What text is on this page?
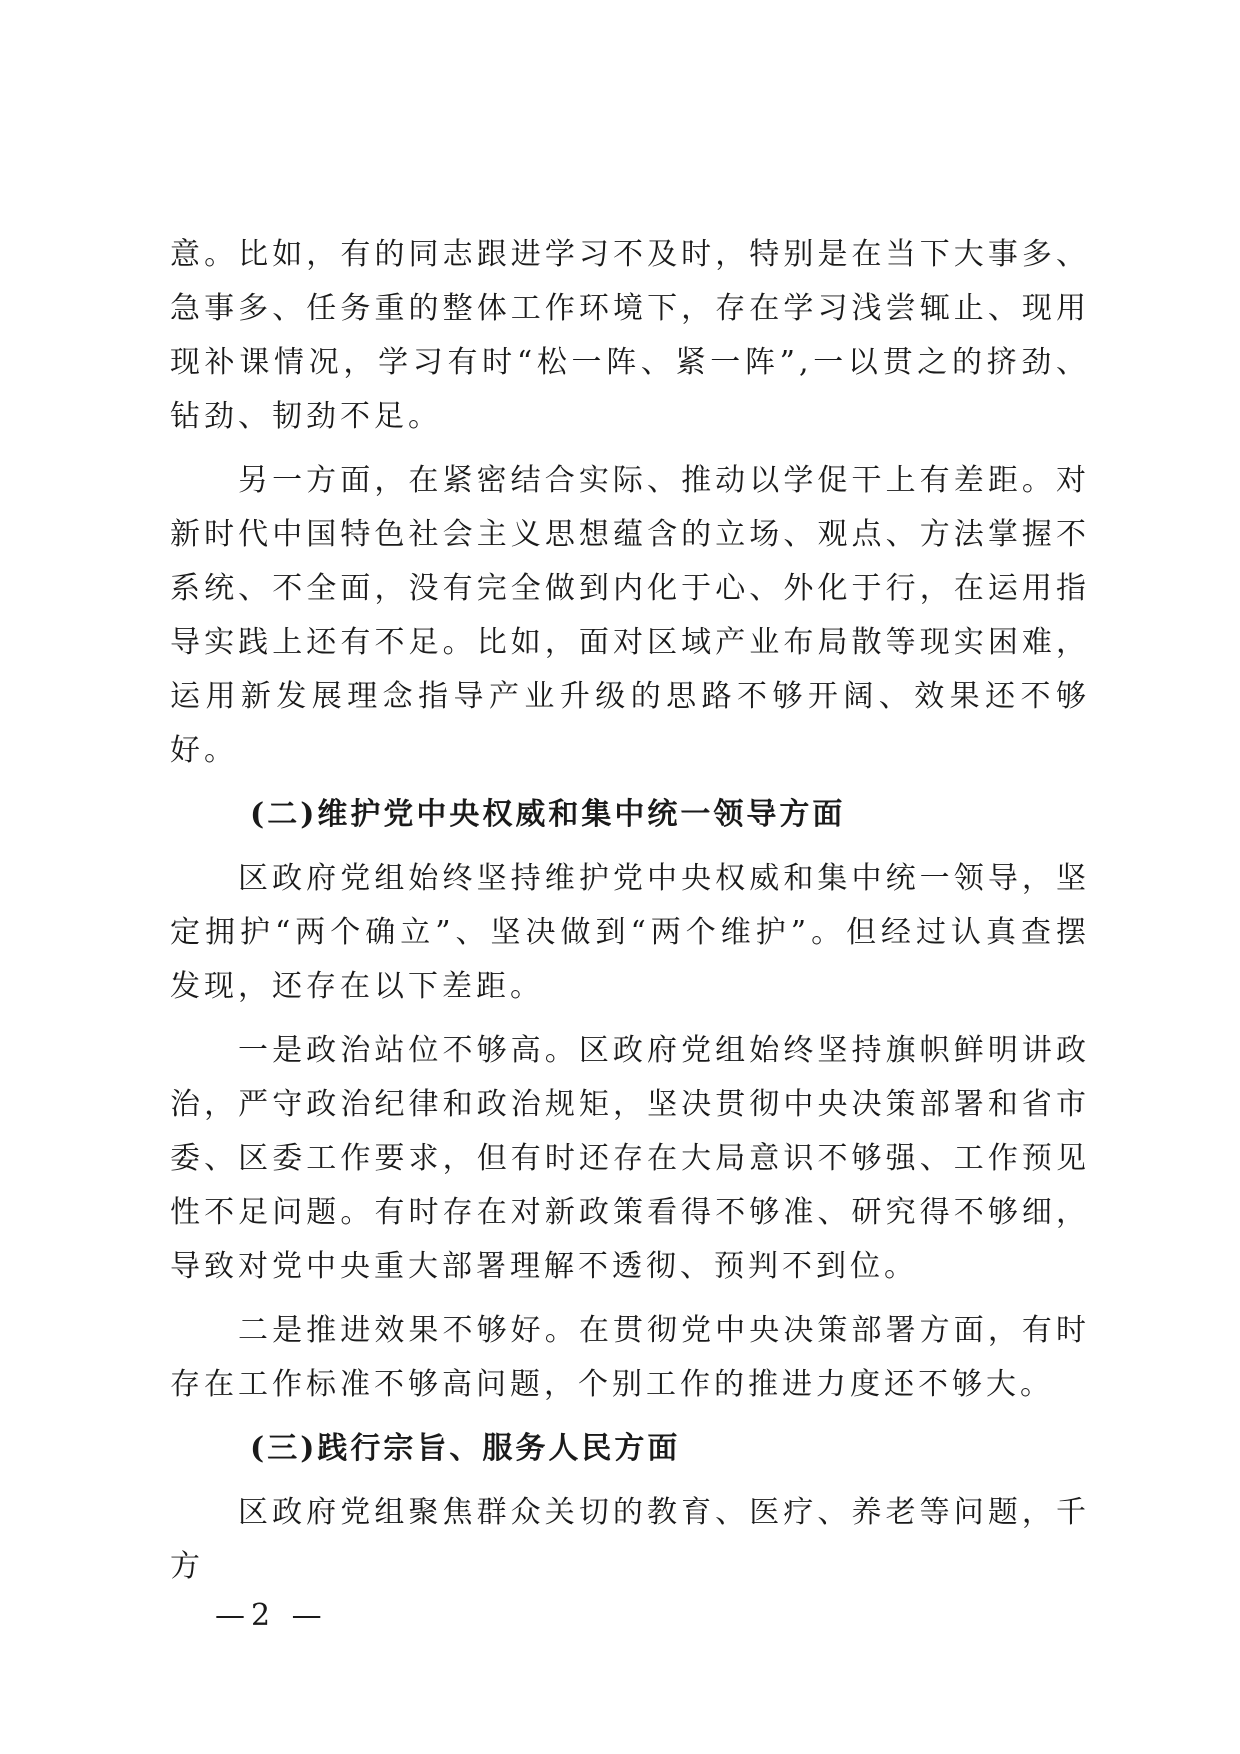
意。比如，有的同志跟进学习不及时，特别是在当下大事多、急事多、任务重的整体工作环境下，存在学习浅尝辄止、现用现补课情况，学习有时“松一阵、紧一阵”,一以贯之的挤劲、钻劲、韧劲不足。

另一方面，在紧密结合实际、推动以学促干上有差距。对新时代中国特色社会主义思想蕴含的立场、观点、方法掌握不系统、不全面，没有完全做到内化于心、外化于行，在运用指导实践上还有不足。比如，面对区域产业布局散等现实困难，运用新发展理念指导产业升级的思路不够开阔、效果还不够好。

(二)维护党中央权威和集中统一领导方面

区政府党组始终坚持维护党中央权威和集中统一领导，坚定拥护“两个确立”、坚决做到“两个维护”。但经过认真查摆发现，还存在以下差距。

一是政治站位不够高。区政府党组始终坚持旗帜鲜明讲政治，严守政治纪律和政治规矩，坚决贯彻中央决策部署和省市委、区委工作要求，但有时还存在大局意识不够强、工作预见性不足问题。有时存在对新政策看得不够准、研究得不够细，导致对党中央重大部署理解不透彻、预判不到位。

二是推进效果不够好。在贯彻党中央决策部署方面，有时存在工作标准不够高问题，个别工作的推进力度还不够大。

(三)践行宗旨、服务人民方面

区政府党组聚焦群众关切的教育、医疗、养老等问题，千方

—2 —
